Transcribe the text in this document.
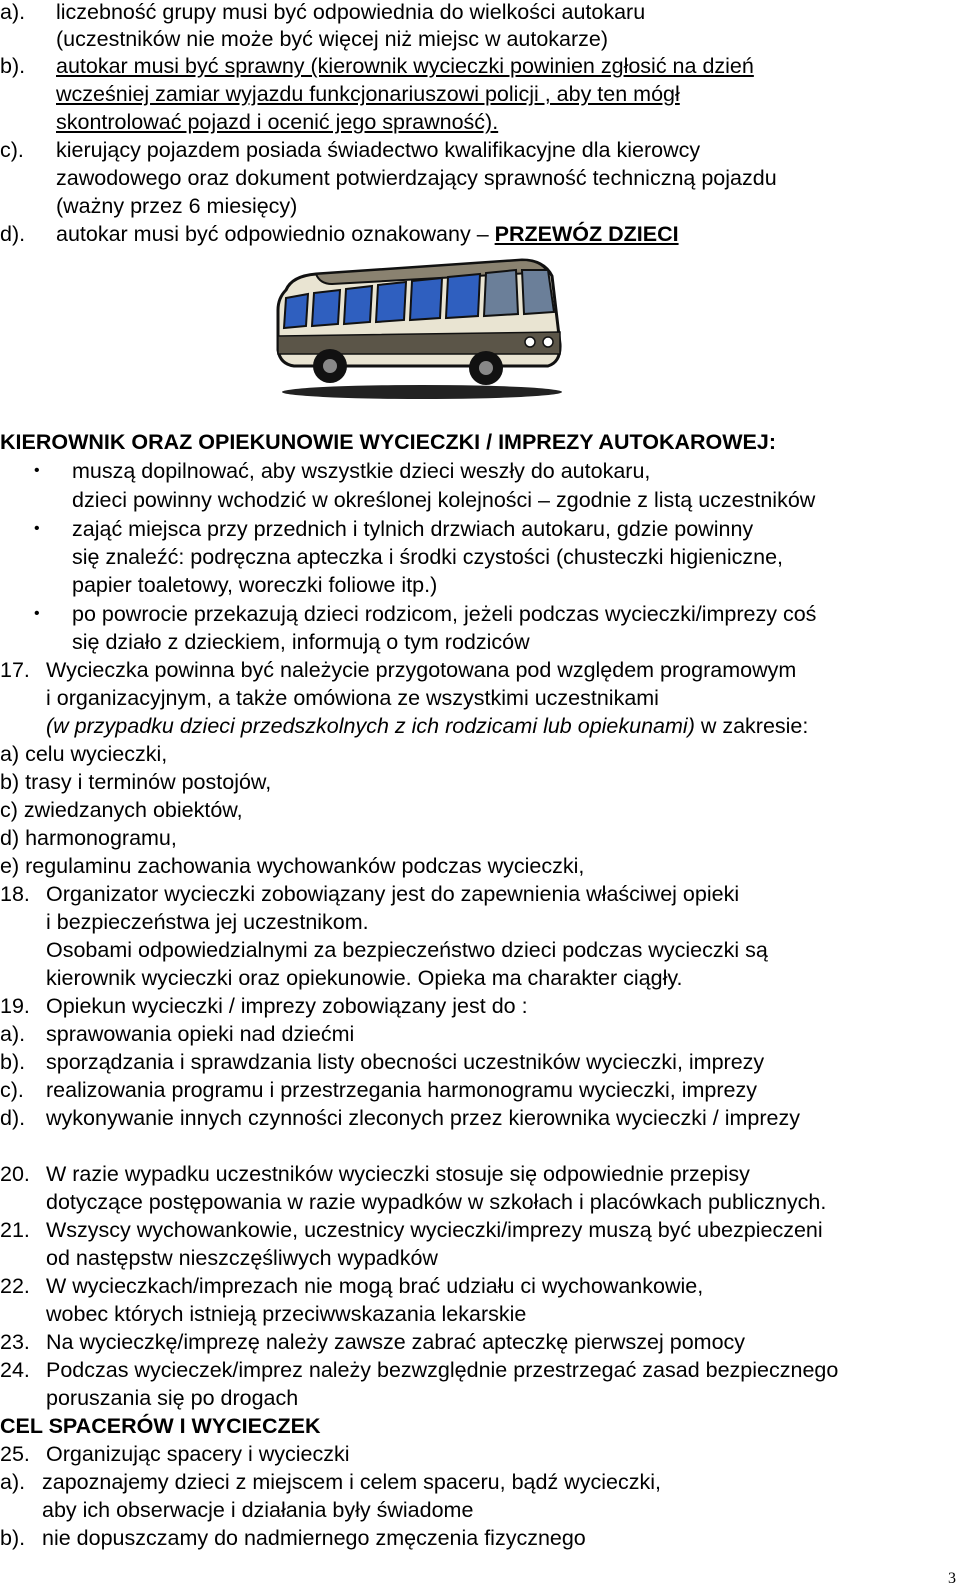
a). liczebność grupy musi być odpowiednia do wielkości autokaru
(uczestników nie może być więcej niż miejsc w autokarze)
b). autokar musi być sprawny (kierownik wycieczki powinien zgłosić na dzień
wcześniej zamiar wyjazdu funkcjonariuszowi policji , aby ten mógł
skontrolować pojazd i ocenić jego sprawność).
c). kierujący pojazdem posiada świadectwo kwalifikacyjne dla kierowcy
zawodowego oraz dokument potwierdzający sprawność techniczną pojazdu
(ważny przez 6 miesięcy)
d). autokar musi być odpowiednio oznakowany – PRZEWÓZ DZIECI
KIEROWNIK ORAZ OPIEKUNOWIE WYCIECZKI / IMPREZY AUTOKAROWEJ:
• muszą dopilnować, aby wszystkie dzieci weszły do autokaru,
dzieci powinny wchodzić w określonej kolejności – zgodnie z listą uczestników
• zająć miejsca przy przednich i tylnich drzwiach autokaru, gdzie powinny
się znaleźć: podręczna apteczka i środki czystości (chusteczki higieniczne,
papier toaletowy, woreczki foliowe itp.)
• po powrocie przekazują dzieci rodzicom, jeżeli podczas wycieczki/imprezy coś
się działo z dzieckiem, informują o tym rodziców
17. Wycieczka powinna być należycie przygotowana pod względem programowym
i organizacyjnym, a także omówiona ze wszystkimi uczestnikami
(w przypadku dzieci przedszkolnych z ich rodzicami lub opiekunami) w zakresie:
a) celu wycieczki,
b) trasy i terminów postojów,
c) zwiedzanych obiektów,
d) harmonogramu,
e) regulaminu zachowania wychowanków podczas wycieczki,
18. Organizator wycieczki zobowiązany jest do zapewnienia właściwej opieki
i bezpieczeństwa jej uczestnikom.
Osobami odpowiedzialnymi za bezpieczeństwo dzieci podczas wycieczki są
kierownik wycieczki oraz opiekunowie. Opieka ma charakter ciągły.
19. Opiekun wycieczki / imprezy zobowiązany jest do :
a). sprawowania opieki nad dziećmi
b). sporządzania i sprawdzania listy obecności uczestników wycieczki, imprezy
c). realizowania programu i przestrzegania harmonogramu wycieczki, imprezy
d). wykonywanie innych czynności zleconych przez kierownika wycieczki / imprezy
20. W razie wypadku uczestników wycieczki stosuje się odpowiednie przepisy
dotyczące postępowania w razie wypadków w szkołach i placówkach publicznych.
21. Wszyscy wychowankowie, uczestnicy wycieczki/imprezy muszą być ubezpieczeni
od następstw nieszczęśliwych wypadków
22. W wycieczkach/imprezach nie mogą brać udziału ci wychowankowie,
wobec których istnieją przeciwwskazania lekarskie
23. Na wycieczkę/imprezę należy zawsze zabrać apteczkę pierwszej pomocy
24. Podczas wycieczek/imprez należy bezwzględnie przestrzegać zasad bezpiecznego
poruszania się po drogach
CEL SPACERÓW I WYCIECZEK
25. Organizując spacery i wycieczki
a). zapoznajemy dzieci z miejscem i celem spaceru, bądź wycieczki,
aby ich obserwacje i działania były świadome
b). nie dopuszczamy do nadmiernego zmęczenia fizycznego
3
